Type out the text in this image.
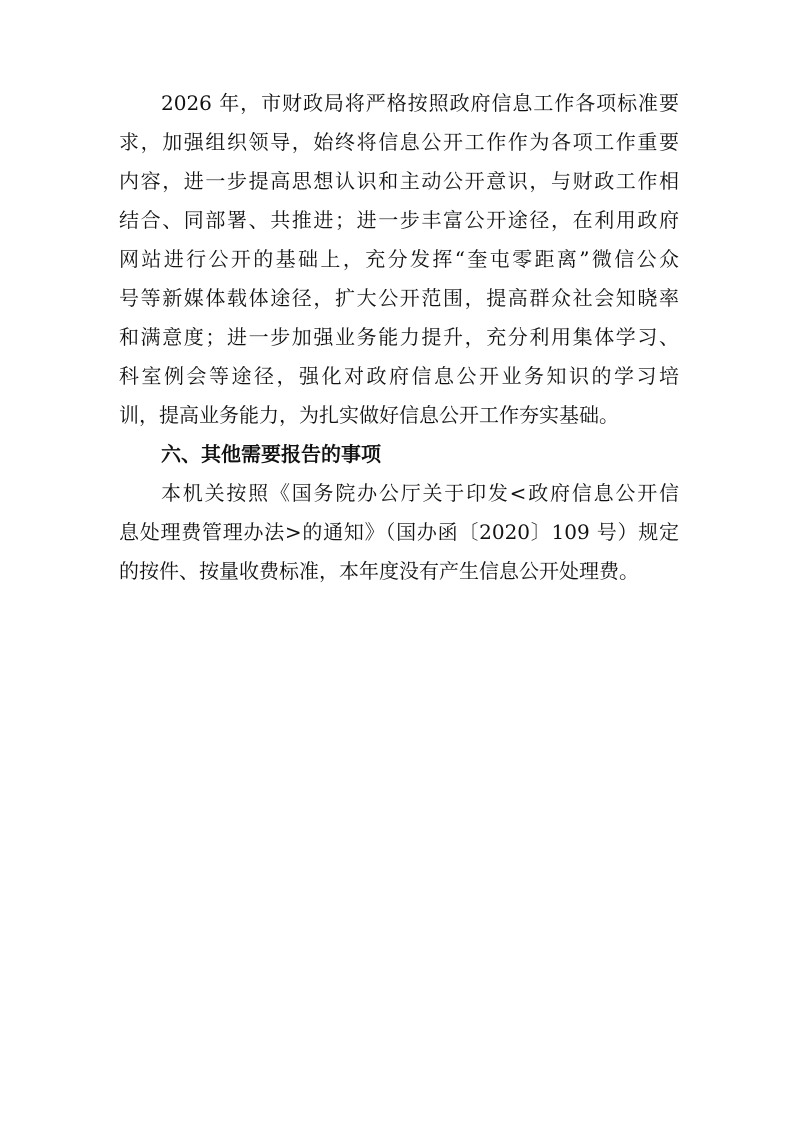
2026 年，市财政局将严格按照政府信息工作各项标准要
求，加强组织领导，始终将信息公开工作作为各项工作重要
内容，进一步提高思想认识和主动公开意识，与财政工作相
结合、同部署、共推进；进一步丰富公开途径，在利用政府
网站进行公开的基础上，充分发挥“奎屯零距离”微信公众
号等新媒体载体途径，扩大公开范围，提高群众社会知晓率
和满意度；进一步加强业务能力提升，充分利用集体学习、
科室例会等途径，强化对政府信息公开业务知识的学习培
训，提高业务能力，为扎实做好信息公开工作夯实基础。
六、其他需要报告的事项
本机关按照《国务院办公厅关于印发<政府信息公开信
息处理费管理办法>的通知》（国办函〔2020〕109 号）规定
的按件、按量收费标准，本年度没有产生信息公开处理费。
